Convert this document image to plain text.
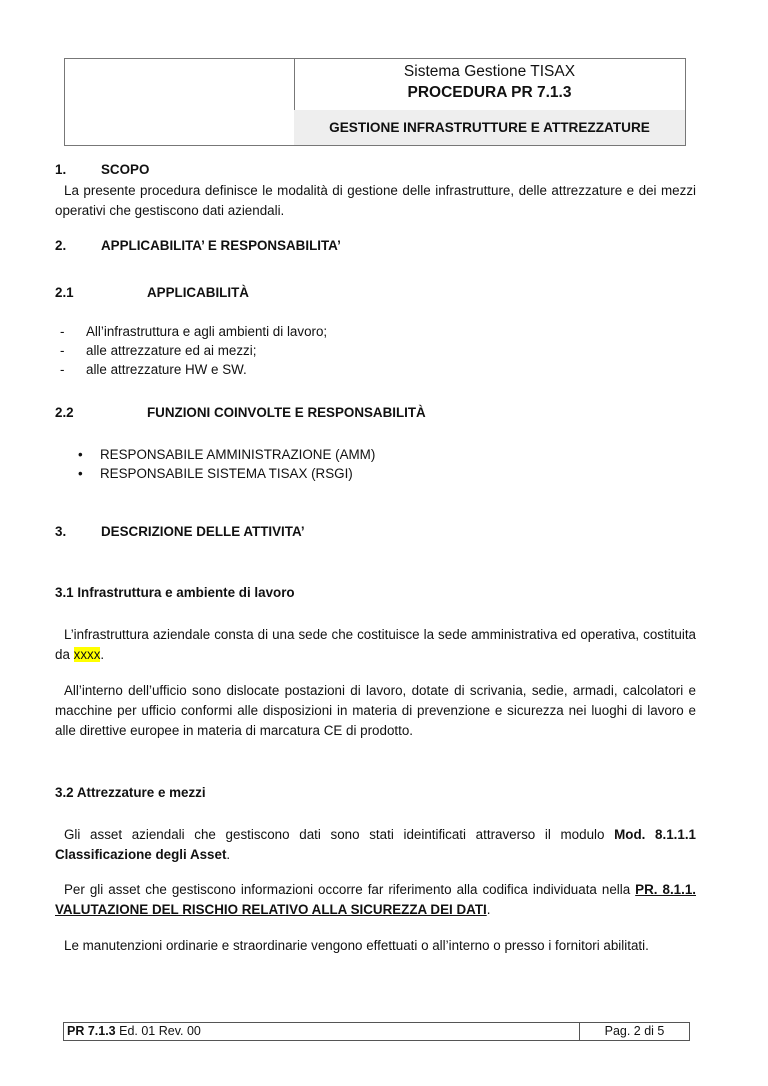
Sistema Gestione TISAX
PROCEDURA PR 7.1.3
GESTIONE INFRASTRUTTURE E ATTREZZATURE
1.	SCOPO
La presente procedura definisce le modalità di gestione delle infrastrutture, delle attrezzature e dei mezzi operativi che gestiscono dati aziendali.
2.	APPLICABILITA’ E RESPONSABILITA’
2.1	APPLICABILITÀ
- All’infrastruttura e agli ambienti di lavoro;
- alle attrezzature ed ai mezzi;
- alle attrezzature HW e SW.
2.2	FUNZIONI COINVOLTE E RESPONSABILITÀ
• RESPONSABILE AMMINISTRAZIONE (AMM)
• RESPONSABILE SISTEMA TISAX (RSGI)
3.	DESCRIZIONE DELLE ATTIVITA’
3.1 Infrastruttura e ambiente di lavoro
L’infrastruttura aziendale consta di una sede che costituisce la sede amministrativa ed operativa, costituita da xxxx.
All’interno dell’ufficio sono dislocate postazioni di lavoro, dotate di scrivania, sedie, armadi, calcolatori e macchine per ufficio conformi alle disposizioni in materia di prevenzione e sicurezza nei luoghi di lavoro e alle direttive europee in materia di marcatura CE di prodotto.
3.2 Attrezzature e mezzi
Gli asset aziendali che gestiscono dati sono stati ideintificati attraverso il modulo Mod. 8.1.1.1 Classificazione degli Asset.
Per gli asset che gestiscono informazioni occorre far riferimento alla codifica individuata nella PR. 8.1.1. VALUTAZIONE DEL RISCHIO RELATIVO ALLA SICUREZZA DEI DATI.
Le manutenzioni ordinarie e straordinarie vengono effettuati o all’interno o presso i fornitori abilitati.
PR 7.1.3 Ed. 01 Rev. 00	Pag. 2 di 5
